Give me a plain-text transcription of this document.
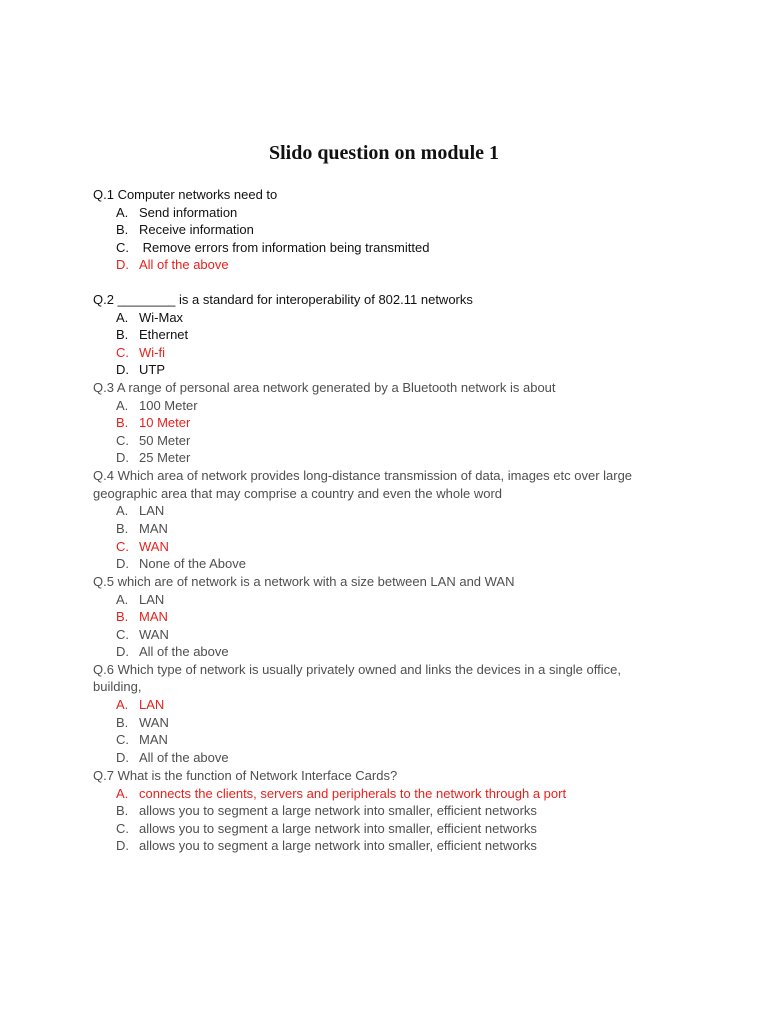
Slido question on module 1
Q.1 Computer networks need to
A. Send information
B. Receive information
C. Remove errors from information being transmitted
D. All of the above
Q.2 ________ is a standard for interoperability of 802.11 networks
A. Wi-Max
B. Ethernet
C. Wi-fi
D. UTP
Q.3 A range of personal area network generated by a Bluetooth network is about
A. 100 Meter
B. 10 Meter
C. 50 Meter
D. 25 Meter
Q.4 Which area of network provides long-distance transmission of data, images etc over large
geographic area that may comprise a country and even the whole word
A. LAN
B. MAN
C. WAN
D. None of the Above
Q.5 which are of network is a network with a size between LAN and WAN
A. LAN
B. MAN
C. WAN
D. All of the above
Q.6 Which type of network is usually privately owned and links the devices in a single office,
building,
A. LAN
B. WAN
C. MAN
D. All of the above
Q.7 What is the function of Network Interface Cards?
A. connects the clients, servers and peripherals to the network through a port
B. allows you to segment a large network into smaller, efficient networks
C. allows you to segment a large network into smaller, efficient networks
D. allows you to segment a large network into smaller, efficient networks
